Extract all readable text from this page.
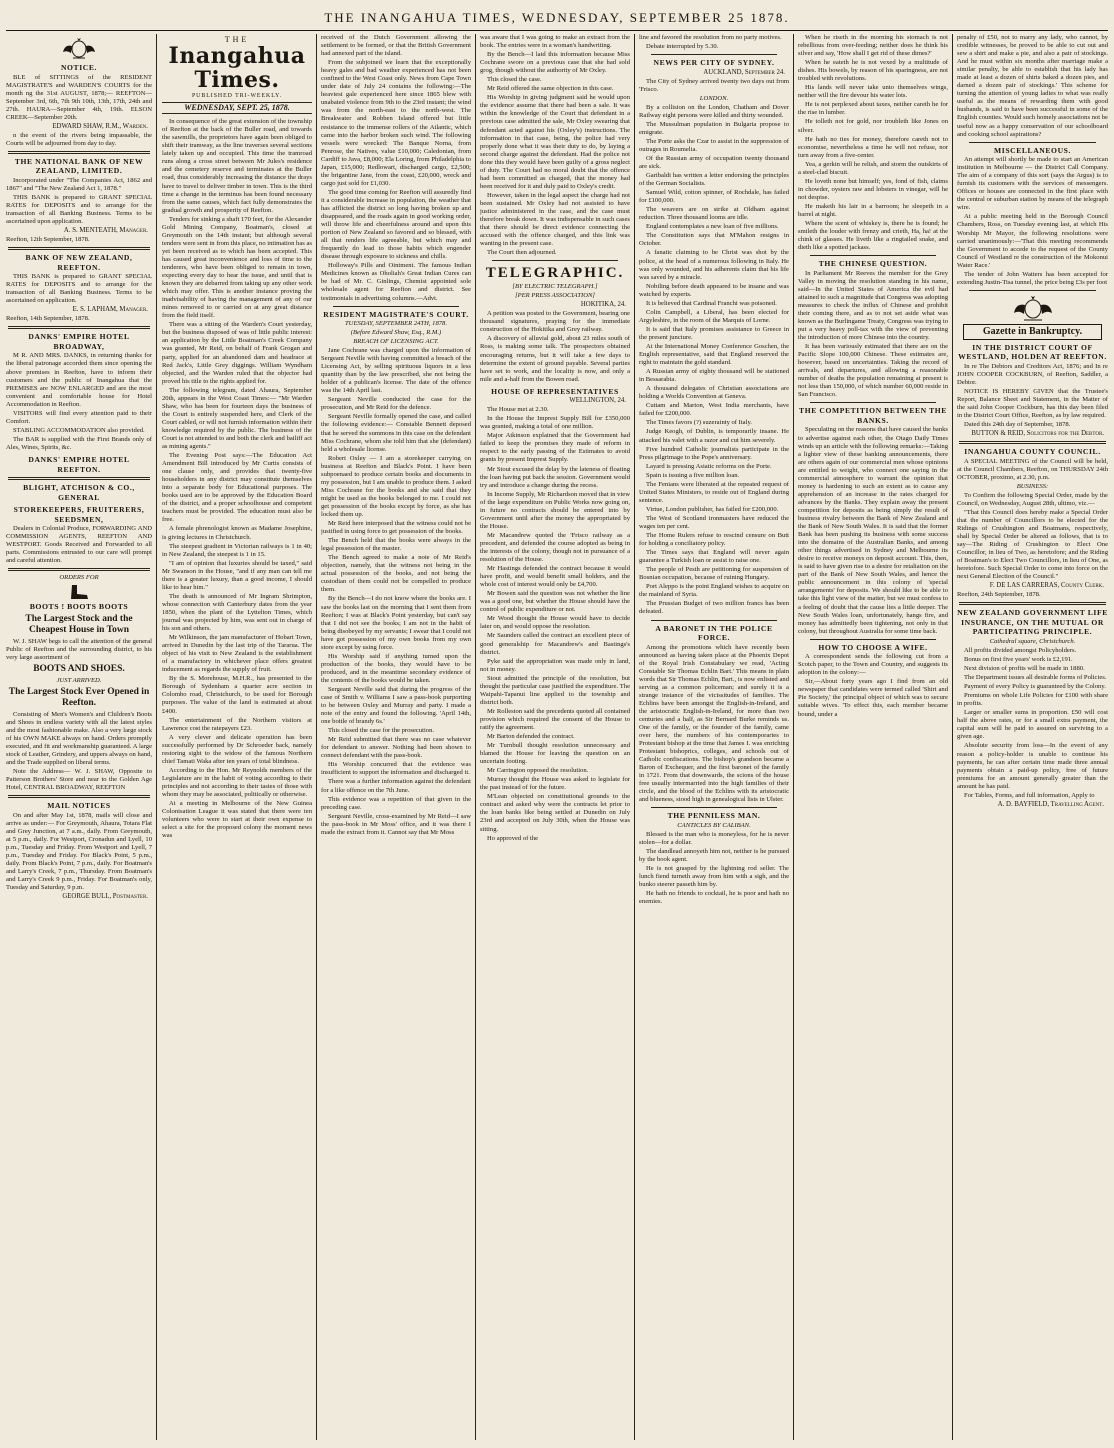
THE INANGAHUA TIMES, WEDNESDAY, SEPTEMBER 25 1878.
NOTICE.

BLE of SITTINGS of the RESIDENT MAGISTRATE'S and WARDEN'S COURTS for the month ng the 31st AUGUST, 1878;— REEFTON—September 3rd, 6th, 7th 9th 10th, 13th, 17th, 24th and 27th. HAURA—September 4th, 19th. ELSON CREEK—September 20th.

EDWARD SHAW, R.M., Warden.

n the event of the rivers being impassable, the Courts will be adjourned from day to day.

THE NATIONAL BANK OF NEW ZEALAND, LIMITED.

Incorporated under "The Companies Act, 1862 and 1867" and "The New Zealand Act 1, 1878."

THIS BANK is prepared to GRANT SPECIAL RATES for DEPOSITS and to arrange for the transaction of all Banking Business. Terms to be ascertained upon application.

A. S. MENTEATH, Manager.

Reefton, 12th September, 1878.

BANK OF NEW ZEALAND, REEFTON.

THIS BANK is prepared to GRANT SPECIAL RATES for DEPOSITS and to arrange for the transaction of all Banking Business. Terms to be ascertained on application.

E. S. LAPHAM, Manager.

Reefton, 14th September, 1878.

DANKS' EMPIRE HOTEL BROADWAY,

M R. AND MRS. DANKS, in returning thanks for the liberal patronage accorded them since opening the above premises in Reefton, have to inform their customers and the public of Inangahua that the PREMISES are NOW ENLARGED and are the most convenient and comfortable house for Hotel Accommodation in Reefton.

VISITORS will find every attention paid to their Comfort.

STABLING ACCOMMODATION also provided.

The BAR is supplied with the First Brands only of Ales, Wines, Spirits, &c.

DANKS' EMPIRE HOTEL REEFTON.
BLIGHT, ATCHISON & CO., GENERAL
STOREKEEPERS, FRUITERERS, SEEDSMEN,

Dealers in Colonial Produce, FORWARDING AND COMMISSION AGENTS, REEFTON AND WESTPORT. Goods Received and Forwarded to all parts. Commissions entrusted to our care will prompt and careful attention.

ORDERS FOR
BOOTS ! BOOTS BOOTS
The Largest Stock and the Cheapest House in Town

W. J. SHAW begs to call the attention of the general Public of Reefton and the surrounding district, to his very large assortment of

BOOTS AND SHOES.
JUST ARRIVED.
The Largest Stock Ever Opened in Reefton.

Consisting of Men's Women's and Children's Boots and Shoes in endless variety with all the latest styles and the most fashionable make. Also a very large stock of his OWN MAKE always on hand. Orders promptly executed, and fit and workmanship guaranteed. A large stock of Leather, Grindery, and uppers always on hand, and the Trade supplied on liberal terms.

Note the Address— W. J. SHAW, Opposite to Patterson Brothers' Store and near to the Golden Age Hotel, CENTRAL BROADWAY, REEFTON

MAIL NOTICES

On and after May 1st, 1878, mails will close and arrive as under:— For Greymouth, Ahaura, Totara Flat and Grey Junction, at 7 a.m., daily. From Greymouth, at 5 p.m., daily. For Westport, Cronadun and Lyell, 10 p.m., Tuesday and Friday. From Westport and Lyell, 7 p.m., Tuesday and Friday. For Black's Point, 5 p.m., daily. From Black's Point, 7 p.m., daily. For Boatman's and Larry's Creek, 7 p.m., Thursday. From Boatman's and Larry's Creek 9 p.m., Friday. For Boatman's only, Tuesday and Saturday, 9 p.m.

GEORGE BULL, Postmaster.
THE
Inangahua Times.
PUBLISHED TRI-WEEKLY.
WEDNESDAY, SEPT. 25, 1878.

In consequence of the great extension of the township of Reefton at the back of the Buller road, and towards the sawmills, the proprietors have again been obliged to shift their tramway, as the line traverses several sections lately taken up and occupied. This time the tramroad runs along a cross street between Mr Jules's residence and the cemetery reserve and terminates at the Buller road, thus considerably increasing the distance the drays have to travel to deliver timber in town. This is the third time a change in the terminus has been found necessary from the same causes, which fact fully demonstrates the gradual growth and prosperity of Reefton.

Tenders for sinking a shaft 170 feet, for the Alexander Gold Mining Company, Boatman's, closed at Greymouth on the 14th instant; but although several tenders were sent in from this place, no intimation has as yet been received as to which has been accepted. This has caused great inconvenience and loss of time to the tenderers, who have been obliged to remain in town, expecting every day to hear the issue, and until that is known they are debarred from taking up any other work which may offer. This is another instance proving the inadvisability of having the management of any of our mines removed to or carried on at any great distance from the field itself.

There was a sitting of the Warden's Court yesterday, but the business disposed of was of little public interest: an application by the Little Boatman's Creek Company was granted, Mr Reid, on behalf of Frank Grogan and party, applied for an abandoned dam and headrace at Red Jack's, Little Grey diggings. William Wyndham objected, and the Warden ruled that the objector had proved his title to the rights applied for.

The following telegram, dated Ahaura, September 20th, appears in the West Coast Times:— "Mr Warden Shaw, who has been for fourteen days the business of the Court is entirely suspended here, and Clerk of the Court cabled, or will not furnish information within their knowledge required by the public. The business of the Court is not attended to and both the clerk and bailiff act as mining agents."

The Evening Post says:—The Education Act Amendment Bill introduced by Mr Curtis consists of one clause only, and provides that twenty-five householders in any district may constitute themselves into a separate body for Educational purposes. The books used are to be approved by the Education Board of the district, and a proper schoolhouse and competent teachers must be provided. The education must also be free.

A female phrenologist known as Madame Josephine, is giving lectures in Christchurch.

The steepest gradient in Victorian railways is 1 in 40; in New Zealand, the steepest is 1 in 15.

"I am of opinion that luxuries should be taxed," said Mr Swanson in the House, "and if any man can tell me there is a greater luxury, than a good income, I should like to hear him."

The death is announced of Mr Ingram Shrimpton, whose connection with Canterbury dates from the year 1850, when the plant of the Lyttelton Times, which journal was projected by him, was sent out in charge of his son and others.

Mr Wilkinson, the jam manufacturer of Hobart Town, arrived in Dunedin by the last trip of the Tararua. The object of his visit to New Zealand is the establishment of a manufactory in whichever place offers greatest inducement as regards the supply of fruit.

By the S. Morehouse, M.H.R., has presented to the Borough of Sydenham a quarter acre section in Colombo road, Christchurch, to be used for Borough purposes. The value of the land is estimated at about £400.

The entertainment of the Northern visitors at Lawrence cost the ratepayers £23.

A very clever and delicate operation has been successfully performed by Dr Schroeder back, namely restoring sight to the widow of the famous Northern chief Tamati Waka after ten years of total blindness.

According to the Hon. Mr Reynolds members of the Legislature are in the habit of voting according to their principles and not according to their tastes of those with whom they may be associated, politically or otherwise.

At a meeting in Melbourne of the New Guinea Colonisation League it was stated that there were ten volunteers who were to start at their own expense to select a site for the proposed colony the moment news was

received of the Dutch Government allowing the settlement to be formed, or that the British Government had annexed part of the island.

From the subjoined we learn that the exceptionally heavy gales and bad weather experienced has not been confined to the West Coast only. News from Cape Town under date of July 24 contains the following:—The heaviest gale experienced here since 1865 blew with unabated violence from 9th to the 23rd instant; the wind was from the north-east to the north-west. The Breakwater and Robben Island offered but little resistance to the immense rollers of the Atlantic, which came into the harbor broken such wind. The following vessels were wrecked: The Banque Norna, from Penrose, the Natives, value £10,000; Caledonian, from Cardiff to Java, £8,000; Ela Loring, from Philadelphia to Japan, £15,000; Redlowart, discharged cargo, £2,500; the brigantine Jane, from the coast, £20,000, wreck and cargo just sold for £1,030.

The good time coming for Reefton will assuredly find it a considerable increase in population, the weather that has afflicted the district so long having broken up and disappeared, and the roads again in good working order, will throw life and cheerfulness around and upon this portion of New Zealand so favored and so blessed, with all that renders life agreeable, but which may and frequently do lead to those habits which engender disease through exposure to sickness and chills.

Holloway's Pills and Ointment. The famous Indian Medicines known as Oholiah's Great Indian Cures can be had of Mr. C. Ginlings, Chemist appointed sole wholesale agent for Reefton and district. See testimonials in advertising columns.—Advt.

RESIDENT MAGISTRATE'S COURT.
TUESDAY, SEPTEMBER 24TH, 1878.
(Before Edward Shaw, Esq., R.M.)
BREACH OF LICENSING ACT.

Jane Cochrane was charged upon the information of Sergeant Neville with having committed a breach of the Licensing Act, by selling spirituous liquors in a less quantity than by the law prescribed, she not being the holder of a publican's license. The date of the offence was the 14th April last.

Sergeant Neville conducted the case for the prosecution, and Mr Reid for the defence.

Sergeant Neville formally opened the case, and called the following evidence:— Constable Bennett deposed that he served the summons in this case on the defendant Miss Cochrane, whom she told him that she (defendant) held a wholesale license.

Robert Oxley — I am a storekeeper carrying on business at Reefton and Black's Point. I have been subpoenaed to produce certain books and documents in my possession, but I am unable to produce them. I asked Miss Cochrane for the books and she said that they might be used as the books belonged to me. I could not get possession of the books except by force, as she has locked them up.

Mr Reid here interposed that the witness could not be justified in using force to get possession of the books.

The Bench held that the books were always in the legal possession of the master.

The Bench agreed to make a note of Mr Reid's objection, namely, that the witness not being in the actual possession of the books, and not being the custodian of them could not be compelled to produce them.

By the Bench—I do not know where the books are. I saw the books last on the morning that I sent them from Reefton; I was at Black's Point yesterday, but can't say that I did not see the books; I am not in the habit of being disobeyed by my servants; I swear that I could not have got possession of my own books from my own store except by using force.

His Worship said if anything turned upon the production of the books, they would have to be produced, and in the meantime secondary evidence of the contents of the books would be taken.

Sergeant Neville said that during the progress of the case of Smith v. Williams I saw a pass-book purporting to be between Oxley and Murray and party. I made a note of the entry and found the following. 'April 14th, one bottle of brandy 6s.'

This closed the case for the prosecution.

Mr Reid submitted that there was no case whatever for defendant to answer. Nothing had been shown to connect defendant with the pass-book.

His Worship concurred that the evidence was insufficient to support the information and discharged it.

There was a further information against the defendant for a like offence on the 7th June.

This evidence was a repetition of that given in the preceding case.

Sergeant Neville, cross-examined by Mr Reid—I saw the pass-book in Mr Moss' office, and it was there I made the extract from it. Cannot say that Mr Moss

was aware that I was going to make an extract from the book. The entries were in a woman's handwriting.

By the Bench—I laid this information because Miss Cochrane swore on a previous case that she had sold grog, though without the authority of Mr Oxley.

This closed the case.

Mr Reid offered the same objection in this case.

His Worship in giving judgment said he would upon the evidence assume that there had been a sale. It was within the knowledge of the Court that defendant in a previous case admitted the sale, Mr Oxley swearing that defendant acted against his (Oxley's) instructions. The information in that case, being, the police had very properly done what it was their duty to do, by laying a second charge against the defendant. Had the police not done this they would have been guilty of a gross neglect of duty. The Court had no moral doubt that the offence had been committed as charged, that the money had been received for it and duly paid to Oxley's credit.

However, taken in the legal aspect the charge had not been sustained. Mr Oxley had not assisted to have justice administered in the case, and the case must therefore break down. It was indispensable in such cases that there should be direct evidence connecting the accused with the offence charged, and this link was wanting in the present case.

The Court then adjourned.

TELEGRAPHIC.
[BY ELECTRIC TELEGRAPH.]
[PER PRESS ASSOCIATION]
HOKITIKA, 24.

A petition was posted to the Government, bearing one thousand signatures, praying for the immediate construction of the Hokitika and Grey railway.

A discovery of alluvial gold, about 23 miles south of Ross, is making some talk. The prospectors obtained encouraging returns, but it will take a few days to determine the extent of ground payable. Several parties have set to work, and the locality is now, and only a mile and a-half from the Bowen road.

HOUSE OF REPRESENTATIVES
WELLINGTON, 24.

The House met at 2.30.

In the House the Imprest Supply Bill for £350,000 was granted, making a total of one million.

Major Atkinson explained that the Government had failed to keep the promises they made of reform in respect to the early passing of the Estimates to avoid grants by present Imprest Supply.

Mr Stout excused the delay by the lateness of floating the loan having put back the session. Government would try and introduce a change during the recess.

In Income Supply, Mr Richardson moved that in view of the large expenditure on Public Works now going on, in future no contracts should be entered into by Government until after the money the appropriated by the House.

Mr Macandrew quoted the 'Frisco railway as a precedent, and defended the course adopted as being in the interests of the colony, though not in pursuance of a resolution of the House.

Mr Hastings defended the contract because it would have profit, and would benefit small holders, and the whole cost of interest would only be £4,700.

Mr Bowen said the question was not whether the line was a good one, but whether the House should have the control of public expenditure or not.

Mr Wood thought the House would have to decide later on, and would oppose the resolution.

Mr Saunders called the contract an excellent piece of good generalship for Macandrew's and Bastings's district.

Pyke said the appropriation was made only in land, not in money.

Stout admitted the principle of the resolution, but thought the particular case justified the expenditure. The Waipahi-Tapanui line applied to the township and district both.

Mr Rolleston said the precedents quoted all contained provision which required the consent of the House to ratify the agreement.

Mr Barton defended the contract.

Mr Turnbull thought resolution unnecessary and blamed the House for leaving the question on an uncertain footing.

Mr Carrington opposed the resolution.

Murray thought the House was asked to legislate for the past instead of for the future.

M'Lean objected on constitutional grounds to the contract and asked why were the contracts let prior to the loan banks like being settled at Dunedin on July 23rd and accepted on July 30th, when the House was sitting.

Ho approved of the

line and favored the resolution from no party motives.

Debate interrupted by 5.30.

NEWS PER CITY OF SYDNEY.
AUCKLAND, September 24.

The City of Sydney arrived twenty two days out from 'Frisco.

LONDON.

By a collision on the London, Chatham and Dover Railway eight persons were killed and thirty wounded.

The Mussulman population in Bulgaria propose to emigrate.

The Porte asks the Czar to assist in the suppression of outrages in Roumelia.

Of the Russian army of occupation twenty thousand are sick.

Garibaldi has written a letter endorsing the principles of the German Socialists.

Samuel Wild, cotton spinner, of Rochdale, has failed for £100,000.

The weavers are on strike at Oldham against reduction. Three thousand looms are idle.

England contemplates a new loan of five millions.

The Constitution says that M'Mahon resigns in October.

A fanatic claiming to be Christ was shot by the police, at the head of a numerous following in Italy. He was only wounded, and his adherents claim that his life was saved by a miracle.

Nobiling before death appeared to be insane and was watched by experts.

It is believed that Cardinal Franchi was poisoned.

Colin Campbell, a Liberal, has been elected for Argyleshire, in the room of the Marquis of Lorne.

It is said that Italy promises assistance to Greece in the present juncture.

At the International Money Conference Goschen, the English representative, said that England reserved the right to maintain the gold standard.

A Russian army of eighty thousand will be stationed in Bessarabia.

A thousand delegates of Christian associations are holding a Worlds Convention at Geneva.

Cuttam and Marton, West India merchants, have failed for £200,000.

The Times favors (?) suzerainty of Italy.

Judge Keogh, of Dublin, is temporarily insane. He attacked his valet with a razor and cut him severely.

Five hundred Catholic journalists participate in the Press pilgrimage to the Pope's anniversary.

Layard is pressing Asiatic reforms on the Porte.

Spain is issuing a five million loan.

The Fenians were liberated at the repeated request of United States Ministers, to reside out of England during sentence.

Virtue, London publisher, has failed for £200,000.

The West of Scotland ironmasters have reduced the wages ten per cent.

The Home Rulers refuse to rescind censure on Butt for holding a conciliatory policy.

The Times says that England will never again guarantee a Turkish loan or assist to raise one.

The people of Pesth are petitioning for suspension of Bosnian occupation, because of ruining Hungary.

Port Aleppo is the point England wishes to acquire on the mainland of Syria.

The Prussian Budget of two million francs has been defeated.

A BARONET IN THE POLICE FORCE.

Among the promotions which have recently been announced as having taken place at the Phoenix Depot of the Royal Irish Constabulary we read, 'Acting Constable Sir Thomas Echlin Bart.' This means in plain words that Sir Thomas Echlin, Bart., is now enlisted and serving as a common policeman; and surely it is a strange instance of the vicissitudes of families. The Echlins have been amongst the English-in-Ireland, and the aristocratic English-in-Ireland, for more than two centuries and a half, as Sir Bernard Burke reminds us. One of the family, or the founder of the family, came over here, the numbers of his contemporaries to Protestant bishop at the time that James I. was enriching Protestant bishoprics, colleges, and schools out of Catholic confiscations. The bishop's grandson became a Baron of Exchequer, and the first baronet of the family in 1721. From that downwards, the scions of the house free usually intermarried into the high families of their circle, and the blood of the Echlins with its aristocratic and blueness, stood high in genealogical lists in Ulster.

THE PENNILESS MAN.
CANTICLES BY CALIBAN.

Blessed is the man who is moneyless, for he is never stolen—for a dollar.

The dandlead annoyeth him not, neither is he pursued by the book agent.

He is not grasped by the lightning rod seller. The lunch fiend turneth away from him with a sigh, and the bunko steerer passeth him by.

He hath no friends to cocktail, he is poor and hath no enemies.

When he riseth in the morning his stomach is not rebellious from over-feeding; neither does he think his silver and say, 'How shall I get rid of these dimes?'

When he eateth he is not vexed by a multitude of dishes. His bowels, by reason of his sparingness, are not troubled with revolutions.

His lands will never take unto themselves wings, neither will the fire devour his water lots.

He is not perplexed about taxes, neither careth he for the rise in lumber.

He tolleth not for gold, nor troubleth like Jones on silver.

He hath no ties for money, therefore careth not to economise, nevertheless a time he will not refuse, nor turn away from a five-center.

Yea, a gerkin will he relish, and storm the outskirts of a steel-clad biscuit.

He loveth none but himself; yes, fond of fish, claims in chowder, oysters raw and lobsters in vinegar, will he not despise.

He maketh his lair in a barroom; he sleepeth in a barrel at night.

Where the scent of whiskey is, there he is found; he smileth the louder with frenzy and crieth, Ha, ha! at the chink of glasses. He liveth like a ringtailed snake, and dieth like a spotted jackass.

THE CHINESE QUESTION.

In Parliament Mr Reeves the member for the Grey Valley in moving the resolution standing in his name, said—In the United States of America the evil had attained to such a magnitude that Congress was adopting measures to check the influx of Chinese and prohibit their coming there, and as to not set aside what was known as the Burlingame Treaty, Congress was trying to put a very heavy poll-tax with the view of preventing the introduction of more Chinese into the country.

It has been variously estimated that there are on the Pacific Slope 100,000 Chinese. These estimates are, however, based on uncertainties. Taking the record of arrivals, and departures, and allowing a reasonable number of deaths the population remaining at present is not less than 150,000, of which number 60,000 reside in San Francisco.

THE COMPETITION BETWEEN THE BANKS.

Speculating on the reasons that have caused the banks to advertise against each other, the Otago Daily Times winds up an article with the following remarks:—Taking a lighter view of these banking announcements, there are others again of our commercial men whose opinions are entitled to weight, who connect one saying in the commercial atmosphere to warrant the opinion that money is hardening to such an extent as to cause any apprehension of an increase in the rates charged for advances by the Banks. They explain away the present competition for deposits as being simply the result of business rivalry between the Bank of New Zealand and the Bank of New South Wales. It is said that the former Bank has been pushing its business with some success into the domains of the Australian Banks, and among other things advertised in Sydney and Melbourne its desire to receive moneys on deposit account. This, then, is said to have given rise to a desire for retaliation on the part of the Bank of New South Wales, and hence the public announcement in this colony of 'special arrangements' for deposits. We should like to be able to take this light view of the matter, but we must confess to a feeling of doubt that the cause lies a little deeper. The New South Wales loan, unfortunately, hangs fire, and money has admittedly been tightening, not only in that colony, but throughout Australia for some time back.

HOW TO CHOOSE A WIFE.

A correspondent sends the following cut from a Scotch paper, to the Town and Country, and suggests its adoption in the colony:—

Sir,—About forty years ago I find from an old newspaper that candidates were termed called 'Shirt and Pie Society,' the principal object of which was to secure suitable wives. 'To effect this, each member became bound, under a

penalty of £50, not to marry any lady, who cannot, by credible witnesses, be proved to be able to cut out and sew a shirt and make a pie, and also a pair of stockings. And he must within six months after marriage make a similar penalty, be able to establish that his lady has made at least a dozen of shirts baked a dozen pies, and darned a dozen pair of stockings.' This scheme for turning the attention of young ladies to what was really useful as the means of rewarding them with good husbands, is said to have been successful in some of the English counties. Would such homely associations not be useful now as a happy conservation of our schoolboard and cooking school aspirations?

MISCELLANEOUS.

An attempt will shortly be made to start an American institution in Melbourne — the District Call Company. The aim of a company of this sort (says the Argus) is to furnish its customers with the services of messengers. Offices or houses are connected in the first place with the central or suburban station by means of the telegraph wire.

At a public meeting held in the Borough Council Chambers, Ross, on Tuesday evening last, at which His Worship Mr Mayor, the following resolutions were carried unanimously:—'That this meeting recommends the Government to accede to the request of the County Council of Westland re the construction of the Mokonui Water Race.'

The tender of John Watters has been accepted for extending Justin-Tisa tunnel, the price being £3s per foot

Gazette in Bankruptcy.
IN THE DISTRICT COURT OF WESTLAND, HOLDEN AT REEFTON.

In re The Debtors and Creditors Act, 1876; and In re JOHN COOPER COCKBURN, of Reefton, Saddler, a Debtor.

NOTICE IS HEREBY GIVEN that the Trustee's Report, Balance Sheet and Statement, in the Matter of the said John Cooper Cockburn, has this day been filed in the District Court Office, Reefton, as by law required.

Dated this 24th day of September, 1878.

BUTTON & REID, Solicitors for the Debtor.
INANGAHUA COUNTY COUNCIL.

A SPECIAL MEETING of the Council will be held, at the Council Chambers, Reefton, on THURSDAY 24th OCTOBER, proximo, at 2.30, p.m.

BUSINESS:

To Confirm the following Special Order, made by the Council, on Wednesday, August 28th, ultimo, viz.—

"That this Council does hereby make a Special Order that the number of Councillors to be elected for the Ridings of Crushington and Boatmans, respectively, shall by Special Order be altered as follows, that is to say—The Riding of Crushington to Elect One Councillor, in lieu of Two, as heretofore; and the Riding of Boatman's to Elect Two Councillors, in lieu of One, as heretofore. Such Special Order to come into force on the next General Election of the Council."

F. DE LAS CARRERAS, County Clerk.

Reefton, 24th September, 1878.

NEW ZEALAND GOVERNMENT LIFE INSURANCE, ON THE MUTUAL OR PARTICIPATING PRINCIPLE.
Cathedral square, Christchurch.

All profits divided amongst Policyholders.

Bonus on first five years' work is £2,191.

Next division of profits will be made in 1880.

The Department issues all desirable forms of Policies.

Payment of every Policy is guaranteed by the Colony.

Premiums on whole Life Policies for £100 with share in profits.

Larger or smaller sums in proportion. £50 will cost half the above rates, or for a small extra payment, the capital sum will be paid to assured on surviving to a given age.

Absolute security from loss—In the event of any reason a policy-holder is unable to continue his payments, he can after certain time made three annual payments obtain a paid-up policy, free of future premiums for an amount generally greater than the amount he has paid.

For Tables, Forms, and full information, Apply to

A. D. BAYFIELD, Travelling Agent.
